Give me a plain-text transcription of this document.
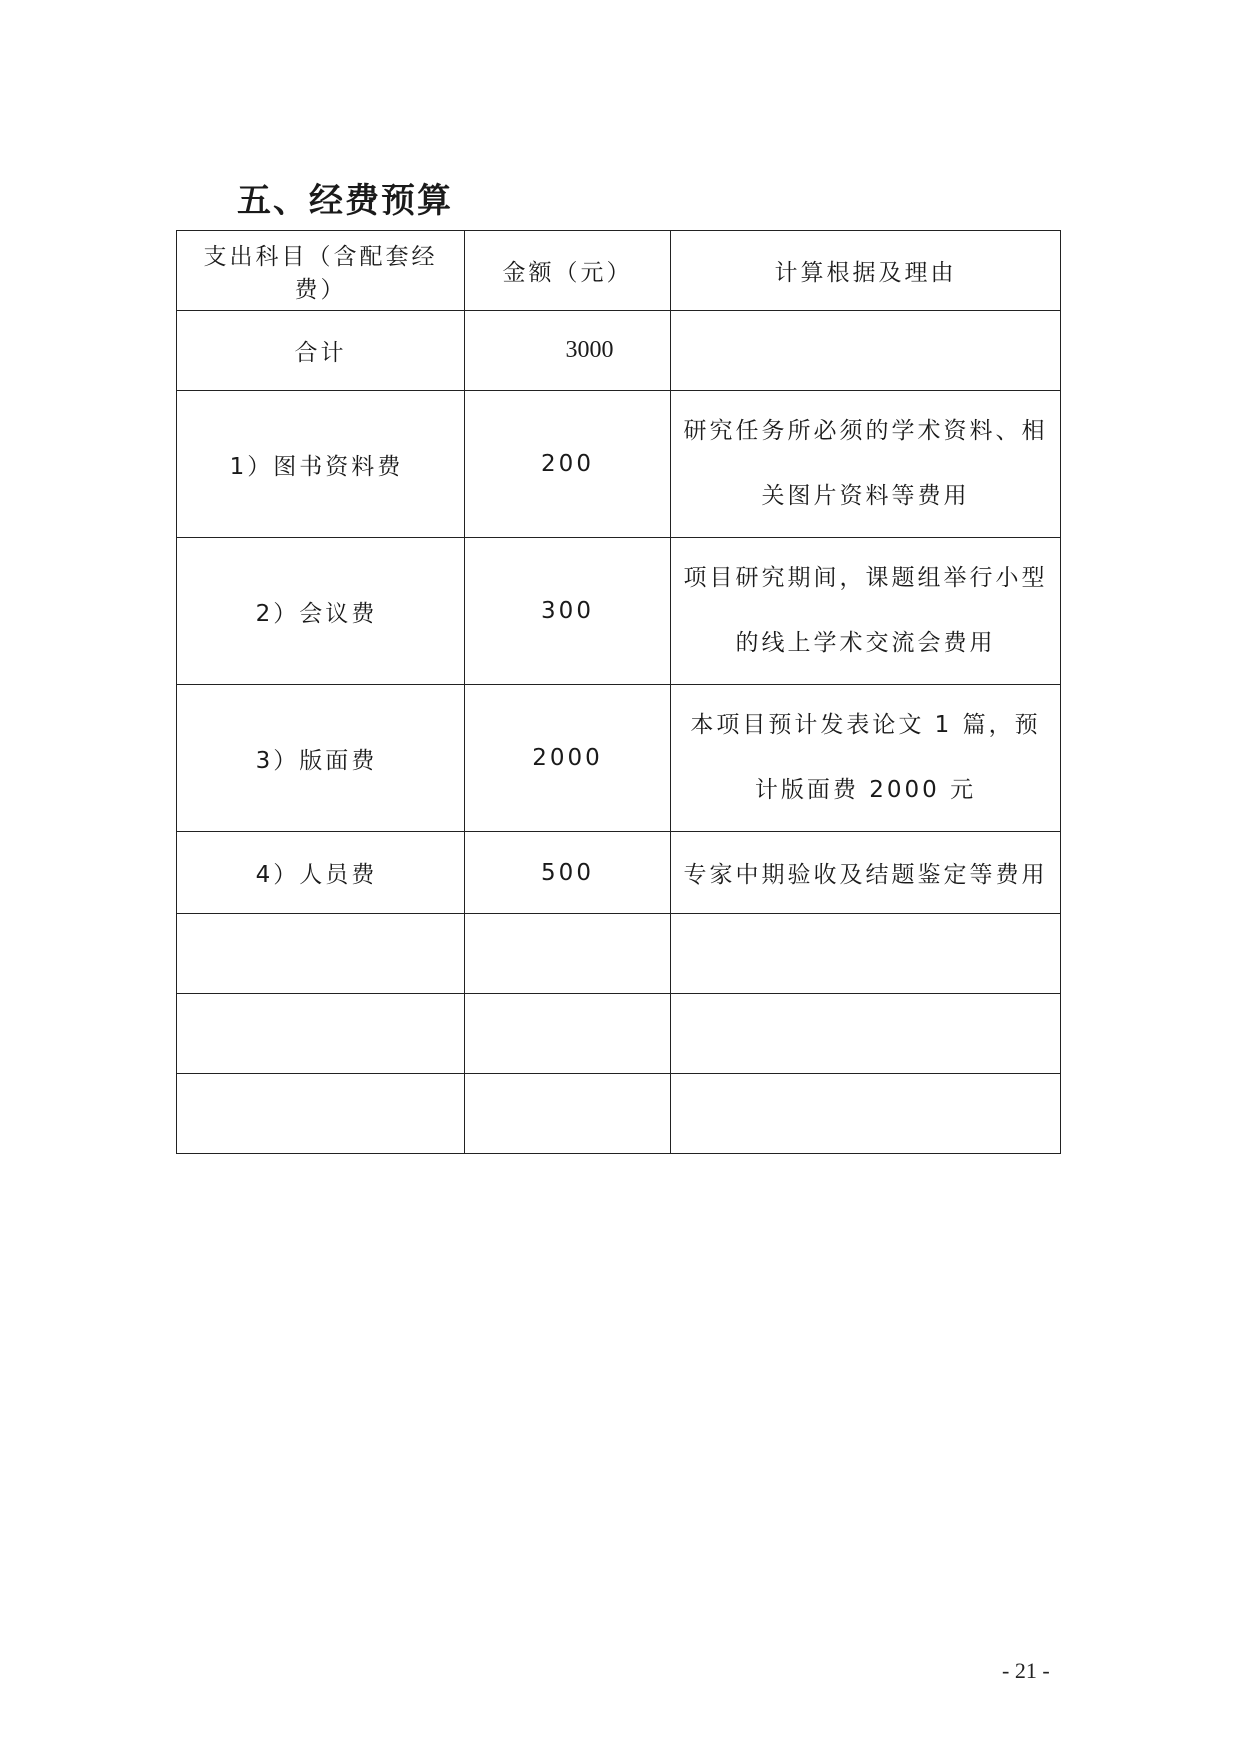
五、经费预算
支出科目（含配套经费）	金额（元）	计算根据及理由
合计	3000	
1）图书资料费	200	研究任务所必须的学术资料、相关图片资料等费用
2）会议费	300	项目研究期间，课题组举行小型的线上学术交流会费用
3）版面费	2000	本项目预计发表论文 1 篇，预计版面费 2000 元
4）人员费	500	专家中期验收及结题鉴定等费用

- 21 -
